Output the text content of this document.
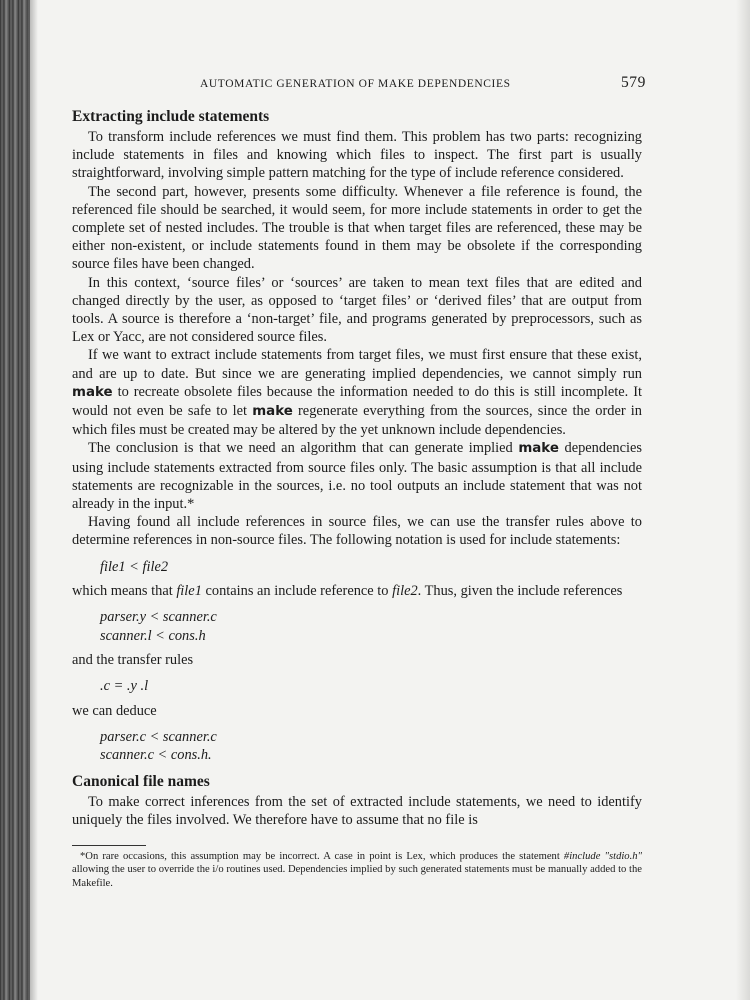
AUTOMATIC GENERATION OF MAKE DEPENDENCIES	579
Extracting include statements

To transform include references we must find them. This problem has two parts: recognizing include statements in files and knowing which files to inspect. The first part is usually straightforward, involving simple pattern matching for the type of include reference considered.

The second part, however, presents some difficulty. Whenever a file reference is found, the referenced file should be searched, it would seem, for more include statements in order to get the complete set of nested includes. The trouble is that when target files are referenced, these may be either non-existent, or include statements found in them may be obsolete if the corresponding source files have been changed.

In this context, ‘source files’ or ‘sources’ are taken to mean text files that are edited and changed directly by the user, as opposed to ‘target files’ or ‘derived files’ that are output from tools. A source is therefore a ‘non-target’ file, and programs generated by preprocessors, such as Lex or Yacc, are not considered source files.

If we want to extract include statements from target files, we must first ensure that these exist, and are up to date. But since we are generating implied dependencies, we cannot simply run make to recreate obsolete files because the information needed to do this is still incomplete. It would not even be safe to let make regenerate everything from the sources, since the order in which files must be created may be altered by the yet unknown include dependencies.

The conclusion is that we need an algorithm that can generate implied make dependencies using include statements extracted from source files only. The basic assumption is that all include statements are recognizable in the sources, i.e. no tool outputs an include statement that was not already in the input.*

Having found all include references in source files, we can use the transfer rules above to determine references in non-source files. The following notation is used for include statements:

file1 < file2

which means that file1 contains an include reference to file2. Thus, given the include references

parser.y < scanner.c
scanner.l < cons.h

and the transfer rules

.c = .y .l

we can deduce

parser.c < scanner.c
scanner.c < cons.h.
Canonical file names

To make correct inferences from the set of extracted include statements, we need to identify uniquely the files involved. We therefore have to assume that no file is

*On rare occasions, this assumption may be incorrect. A case in point is Lex, which produces the statement #include "stdio.h" allowing the user to override the i/o routines used. Dependencies implied by such generated statements must be manually added to the Makefile.
